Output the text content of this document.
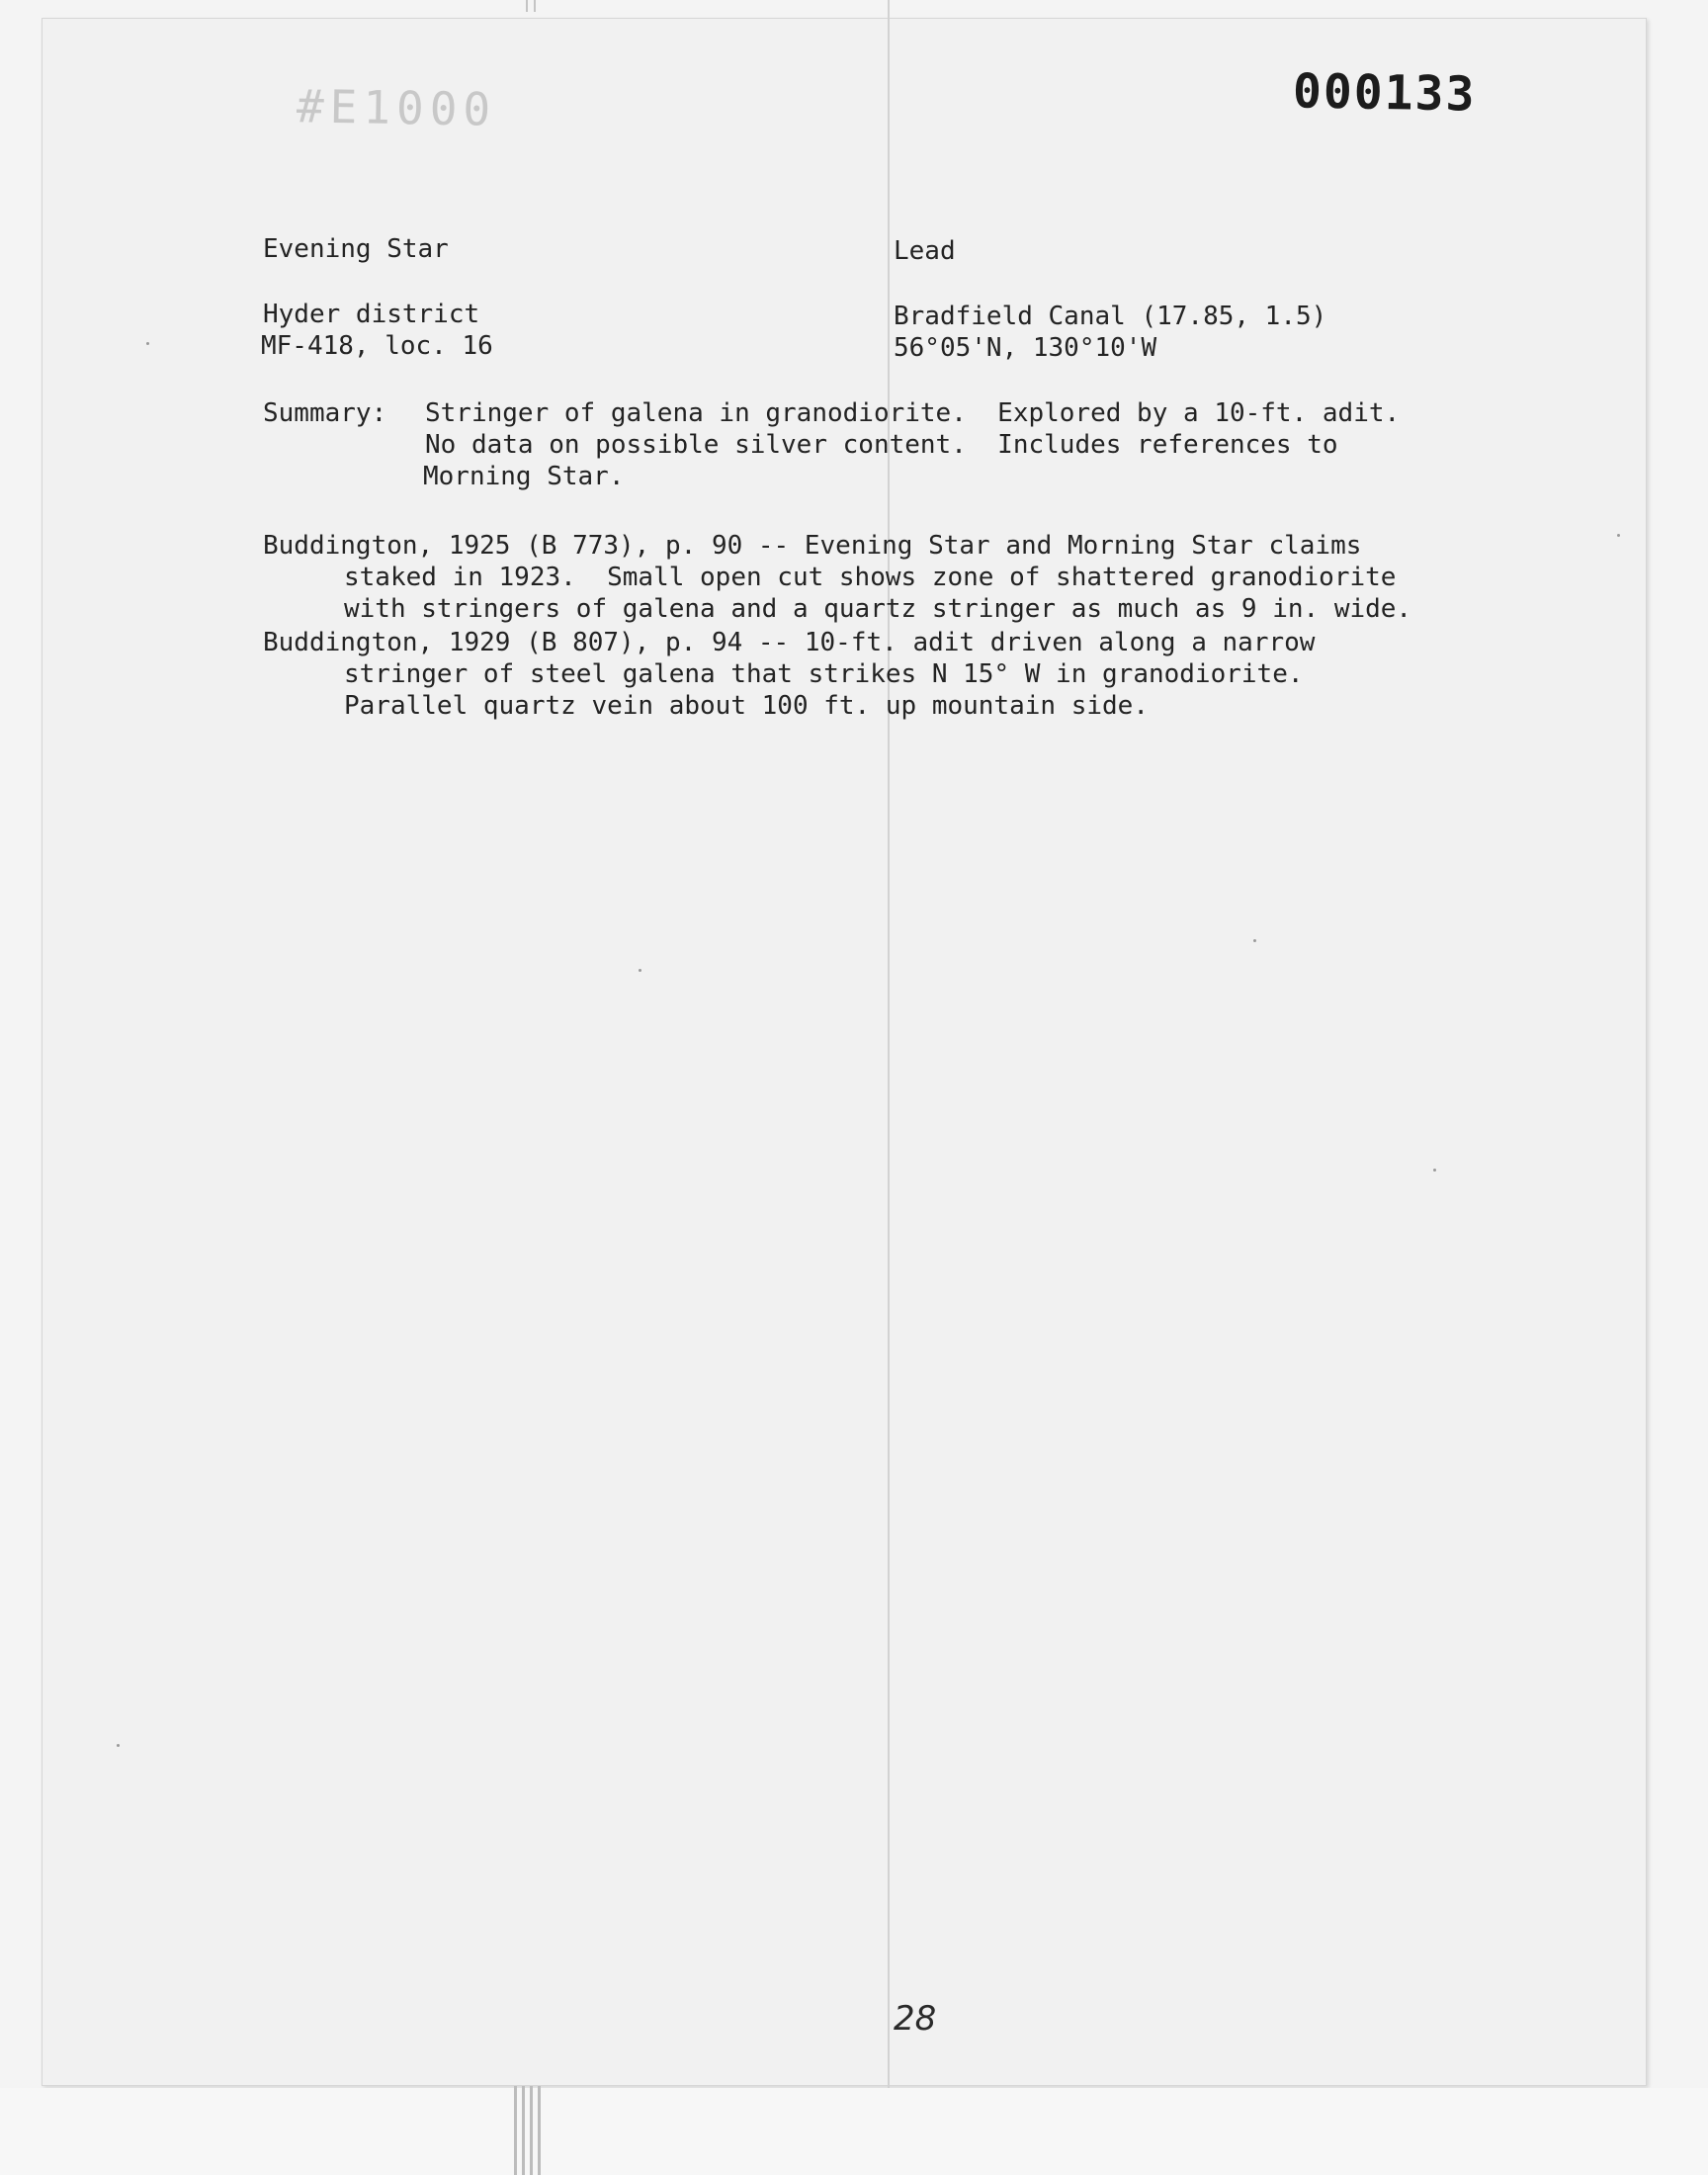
#E1000	000133
Evening Star	Lead
Hyder district	Bradfield Canal (17.85, 1.5)
MF-418, loc. 16	56°05'N, 130°10'W
Summary: Stringer of galena in granodiorite.  Explored by a 10-ft. adit.
No data on possible silver content.  Includes references to
Morning Star.
Buddington, 1925 (B 773), p. 90 -- Evening Star and Morning Star claims
staked in 1923.  Small open cut shows zone of shattered granodiorite
with stringers of galena and a quartz stringer as much as 9 in. wide.
Buddington, 1929 (B 807), p. 94 -- 10-ft. adit driven along a narrow
stringer of steel galena that strikes N 15° W in granodiorite.
Parallel quartz vein about 100 ft. up mountain side.
28
